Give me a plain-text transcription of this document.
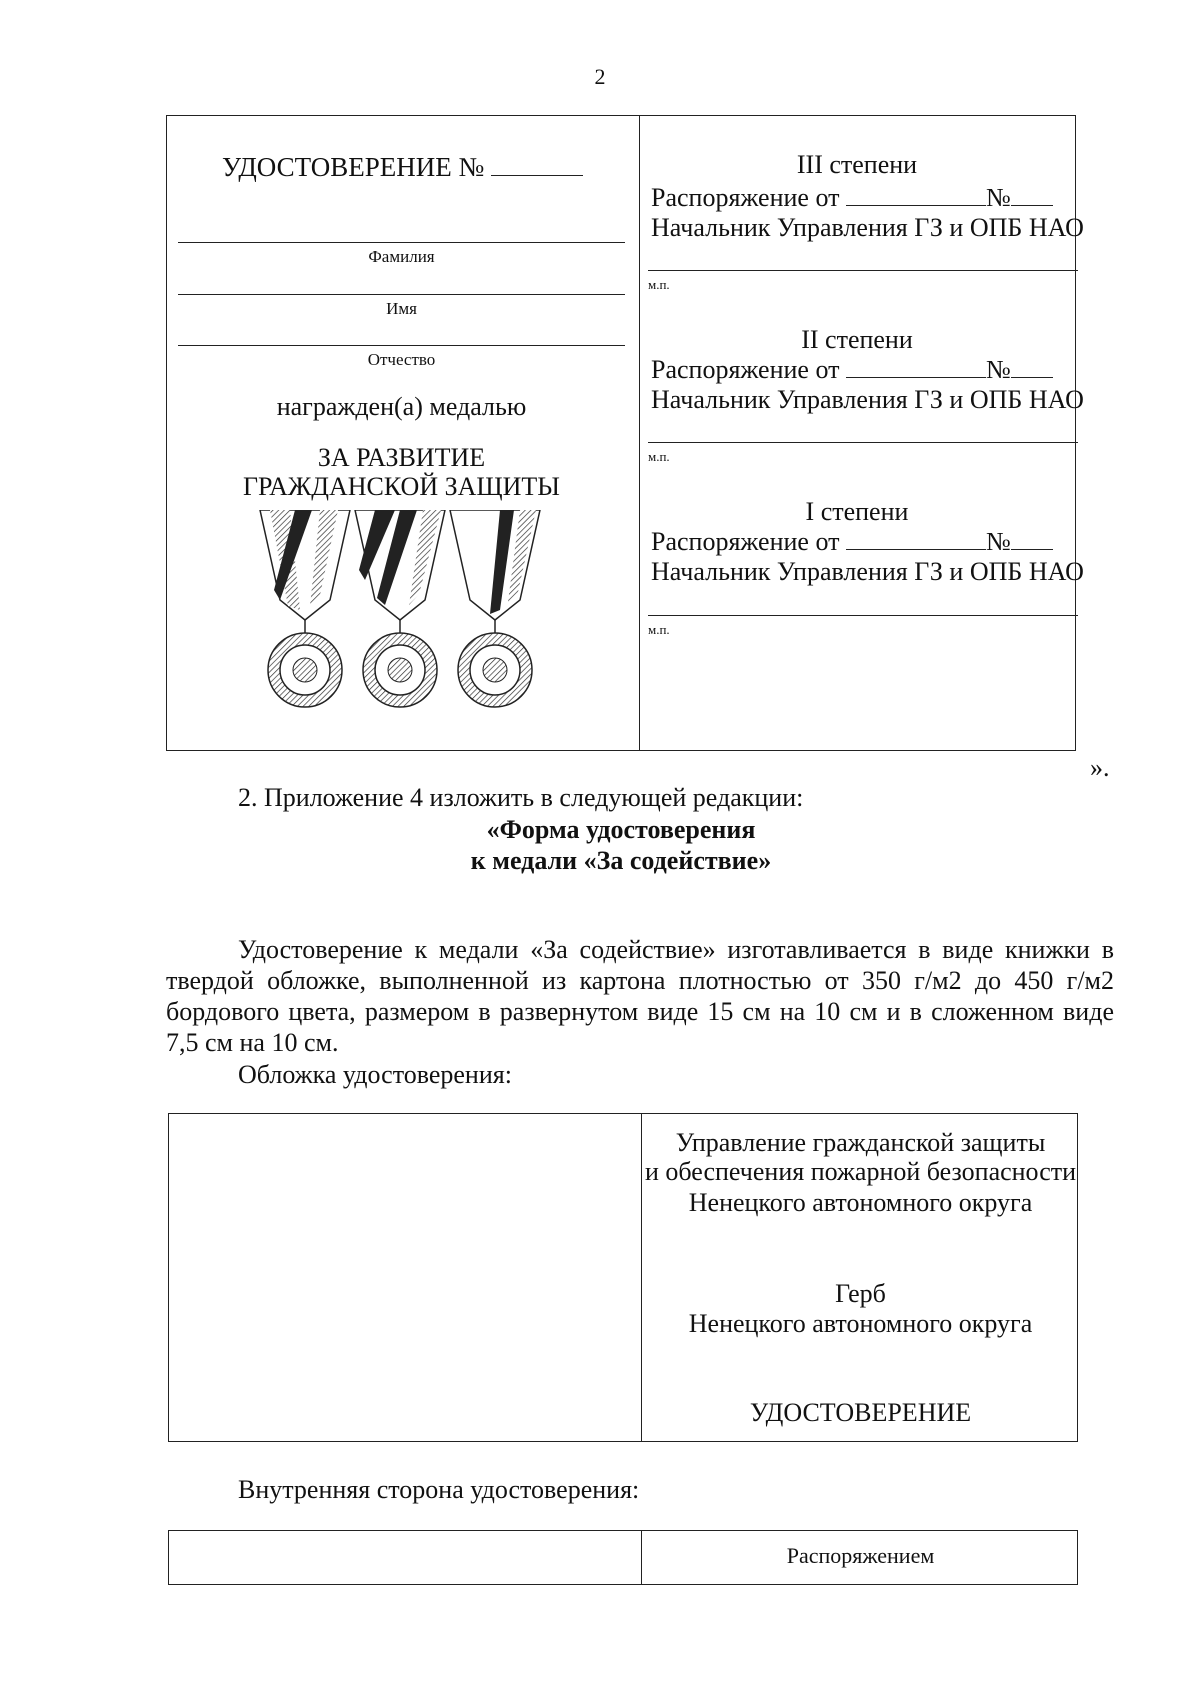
2
УДОСТОВЕРЕНИЕ №
Фамилия
Имя
Отчество
награжден(а) медалью
ЗА РАЗВИТИЕ
ГРАЖДАНСКОЙ ЗАЩИТЫ
III степени
Распоряжение от	№
Начальник Управления ГЗ и ОПБ НАО
м.п.
II степени
Распоряжение от	№
Начальник Управления ГЗ и ОПБ НАО
м.п.
I степени
Распоряжение от	№
Начальник Управления ГЗ и ОПБ НАО
м.п.
».
2. Приложение 4 изложить в следующей редакции:
«Форма удостоверения
к медали «За содействие»
Удостоверение к медали «За содействие» изготавливается в виде книжки в твердой обложке, выполненной из картона плотностью от 350 г/м2 до 450 г/м2 бордового цвета, размером в развернутом виде 15 см на 10 см и в сложенном виде 7,5 см на 10 см.
Обложка удостоверения:
Управление гражданской защиты
и обеспечения пожарной безопасности
Ненецкого автономного округа
Герб
Ненецкого автономного округа
УДОСТОВЕРЕНИЕ
Внутренняя сторона удостоверения:
Распоряжением
